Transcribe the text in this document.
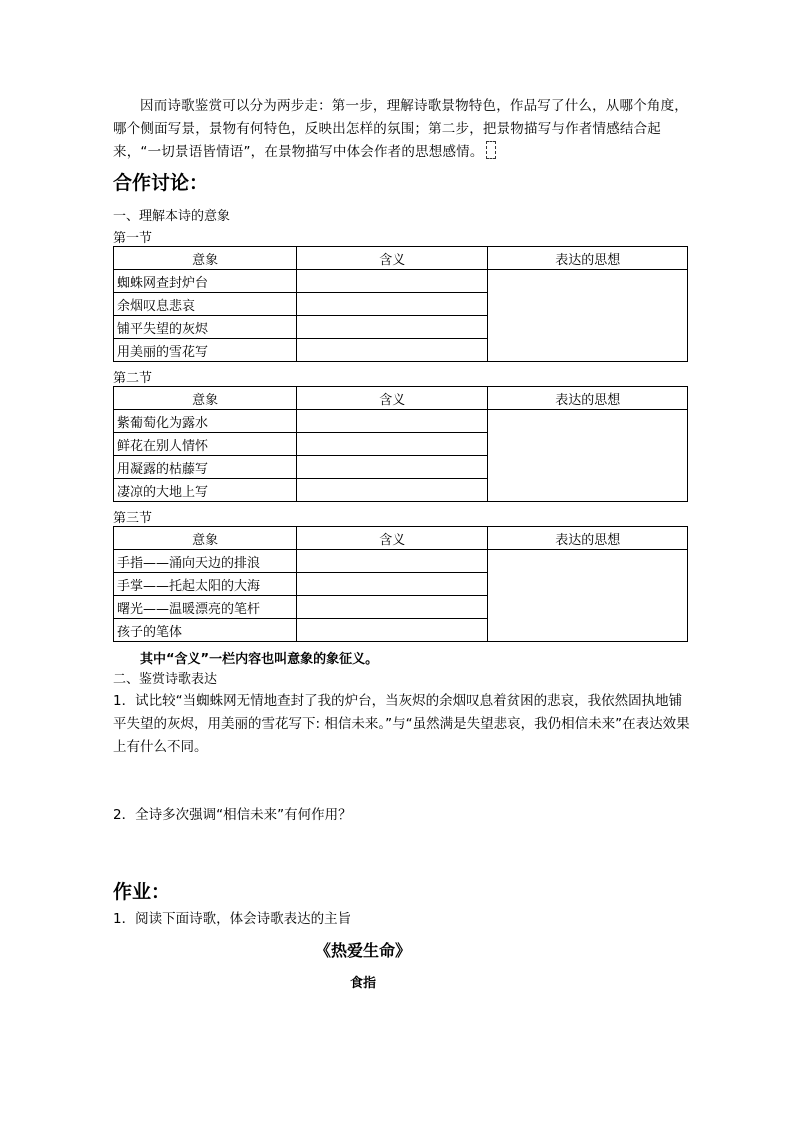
因而诗歌鉴赏可以分为两步走：第一步，理解诗歌景物特色，作品写了什么，从哪个角度，哪个侧面写景，景物有何特色，反映出怎样的氛围；第二步，把景物描写与作者情感结合起来，“一切景语皆情语”，在景物描写中体会作者的思想感情。

合作讨论：

一、理解本诗的意象

第一节

意象	含义	表达的思想
蜘蛛网查封炉台		
余烟叹息悲哀		
铺平失望的灰烬		
用美丽的雪花写		

第二节

意象	含义	表达的思想
紫葡萄化为露水		
鲜花在别人情怀		
用凝露的枯藤写		
凄凉的大地上写		

第三节

意象	含义	表达的思想
手指——涌向天边的排浪		
手掌——托起太阳的大海		
曙光——温暖漂亮的笔杆		
孩子的笔体		

其中“含义”一栏内容也叫意象的象征义。

二、鉴赏诗歌表达

1．试比较“当蜘蛛网无情地查封了我的炉台，当灰烬的余烟叹息着贫困的悲哀，我依然固执地铺平失望的灰烬，用美丽的雪花写下: 相信未来。”与“虽然满是失望悲哀，我仍相信未来”在表达效果上有什么不同。

2．全诗多次强调“相信未来”有何作用？

作业：

1．阅读下面诗歌，体会诗歌表达的主旨

《热爱生命》

食指
